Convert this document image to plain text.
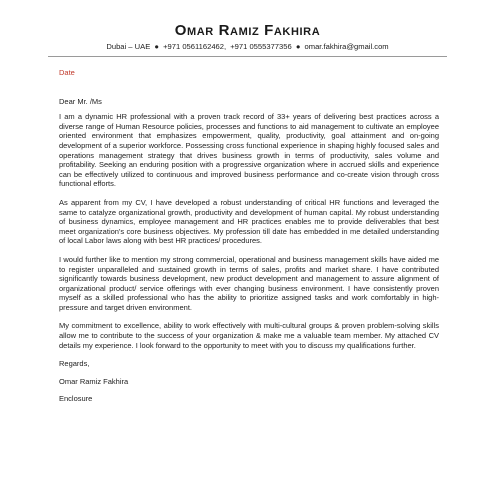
Omar Ramiz Fakhira
Dubai – UAE ● +971 0561162462, +971 0555377356 ● omar.fakhira@gmail.com
Date

Dear Mr. /Ms

I am a dynamic HR professional with a proven track record of 33+ years of delivering best practices across a diverse range of Human Resource policies, processes and functions to aid management to cultivate an employee oriented environment that emphasizes empowerment, quality, productivity, goal attainment and on-going development of a superior workforce. Possessing cross functional experience in shaping highly focused sales and operations management strategy that drives business growth in terms of productivity, sales volume and profitability. Seeking an enduring position with a progressive organization where in accrued skills and experience can be effectively utilized to continuous and improved business performance and co-create vision through cross functional efforts.

As apparent from my CV, I have developed a robust understanding of critical HR functions and leveraged the same to catalyze organizational growth, productivity and development of human capital. My robust understanding of business dynamics, employee management and HR practices enables me to provide deliverables that best meet organization's core business objectives. My profession till date has embedded in me detailed understanding of local Labor laws along with best HR practices/ procedures.

I would further like to mention my strong commercial, operational and business management skills have aided me to register unparalleled and sustained growth in terms of sales, profits and market share. I have contributed significantly towards business development, new product development and management to assure alignment of organizational product/ service offerings with ever changing business environment. I have consistently proven myself as a skilled professional who has the ability to prioritize assigned tasks and work comfortably in high-pressure and target driven environment.

My commitment to excellence, ability to work effectively with multi-cultural groups & proven problem-solving skills allow me to contribute to the success of your organization & make me a valuable team member. My attached CV details my experience. I look forward to the opportunity to meet with you to discuss my qualifications further.

Regards,

Omar Ramiz Fakhira

Enclosure
